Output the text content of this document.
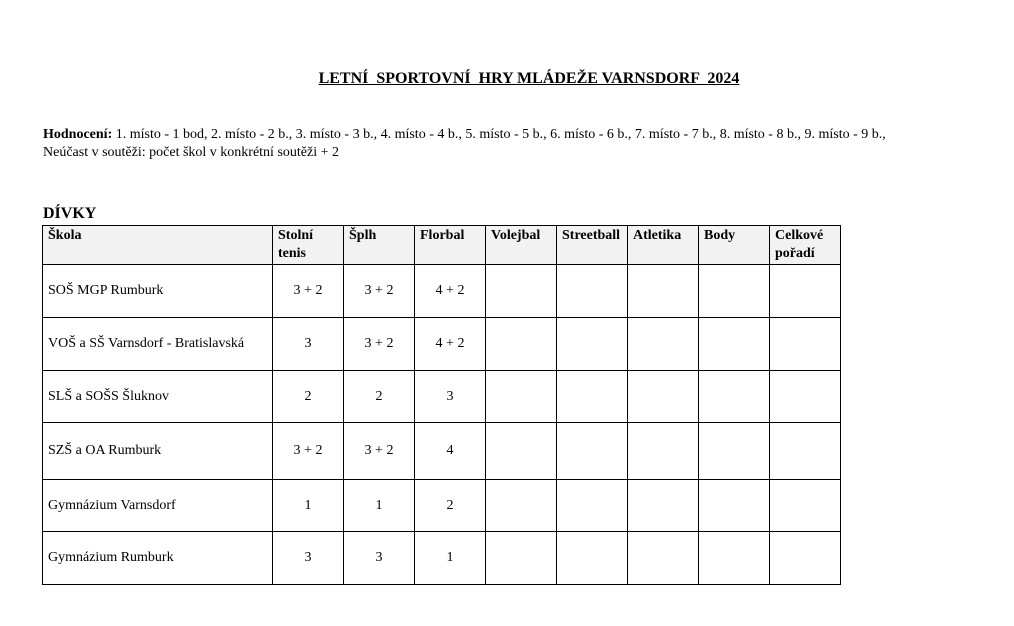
LETNÍ  SPORTOVNÍ  HRY MLÁDEŽE VARNSDORF  2024
Hodnocení: 1. místo - 1 bod, 2. místo - 2 b., 3. místo - 3 b., 4. místo - 4 b., 5. místo - 5 b., 6. místo - 6 b., 7. místo - 7 b., 8. místo - 8 b., 9. místo - 9 b.,
Neúčast v soutěži: počet škol v konkrétní soutěži + 2
DÍVKY
Škola	Stolní tenis	Šplh	Florbal	Volejbal	Streetball	Atletika	Body	Celkové pořadí
SOŠ MGP Rumburk	3 + 2	3 + 2	4 + 2					
VOŠ a SŠ Varnsdorf - Bratislavská	3	3 + 2	4 + 2					
SLŠ a SOŠS Šluknov	2	2	3					
SZŠ a OA Rumburk	3 + 2	3 + 2	4					
Gymnázium Varnsdorf	1	1	2					
Gymnázium Rumburk	3	3	1					
